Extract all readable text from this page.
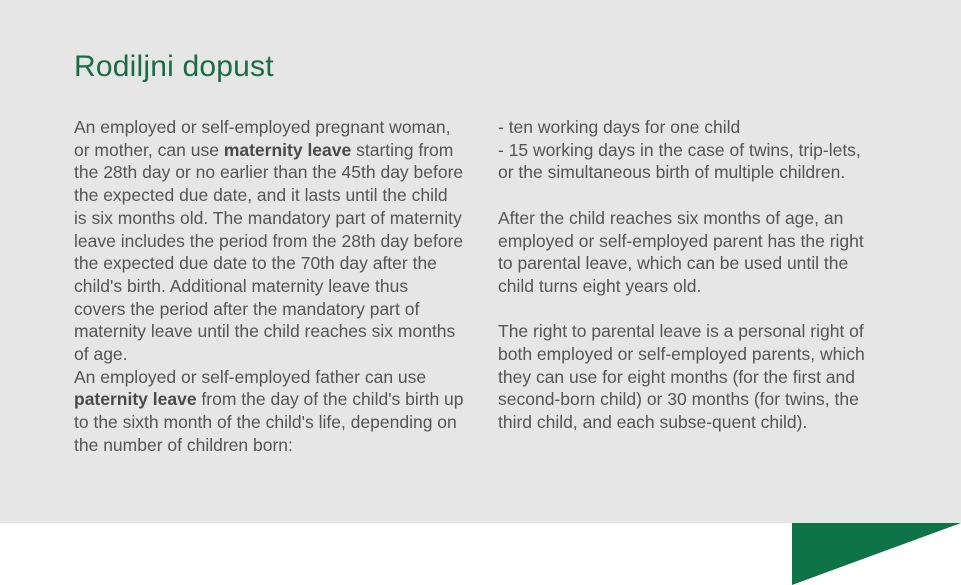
Rodiljni dopust

An employed or self-employed pregnant woman, or mother, can use maternity leave starting from the 28th day or no earlier than the 45th day before the expected due date, and it lasts until the child is six months old. The mandatory part of maternity leave includes the period from the 28th day before the expected due date to the 70th day after the child's birth. Additional maternity leave thus covers the period after the mandatory part of maternity leave until the child reaches six months of age.

An employed or self-employed father can use paternity leave from the day of the child's birth up to the sixth month of the child's life, depending on the number of children born:

- ten working days for one child

- 15 working days in the case of twins, trip-lets, or the simultaneous birth of multiple children.

After the child reaches six months of age, an employed or self-employed parent has the right to parental leave, which can be used until the child turns eight years old.

The right to parental leave is a personal right of both employed or self-employed parents, which they can use for eight months (for the first and second-born child) or 30 months (for twins, the third child, and each subse-quent child).
